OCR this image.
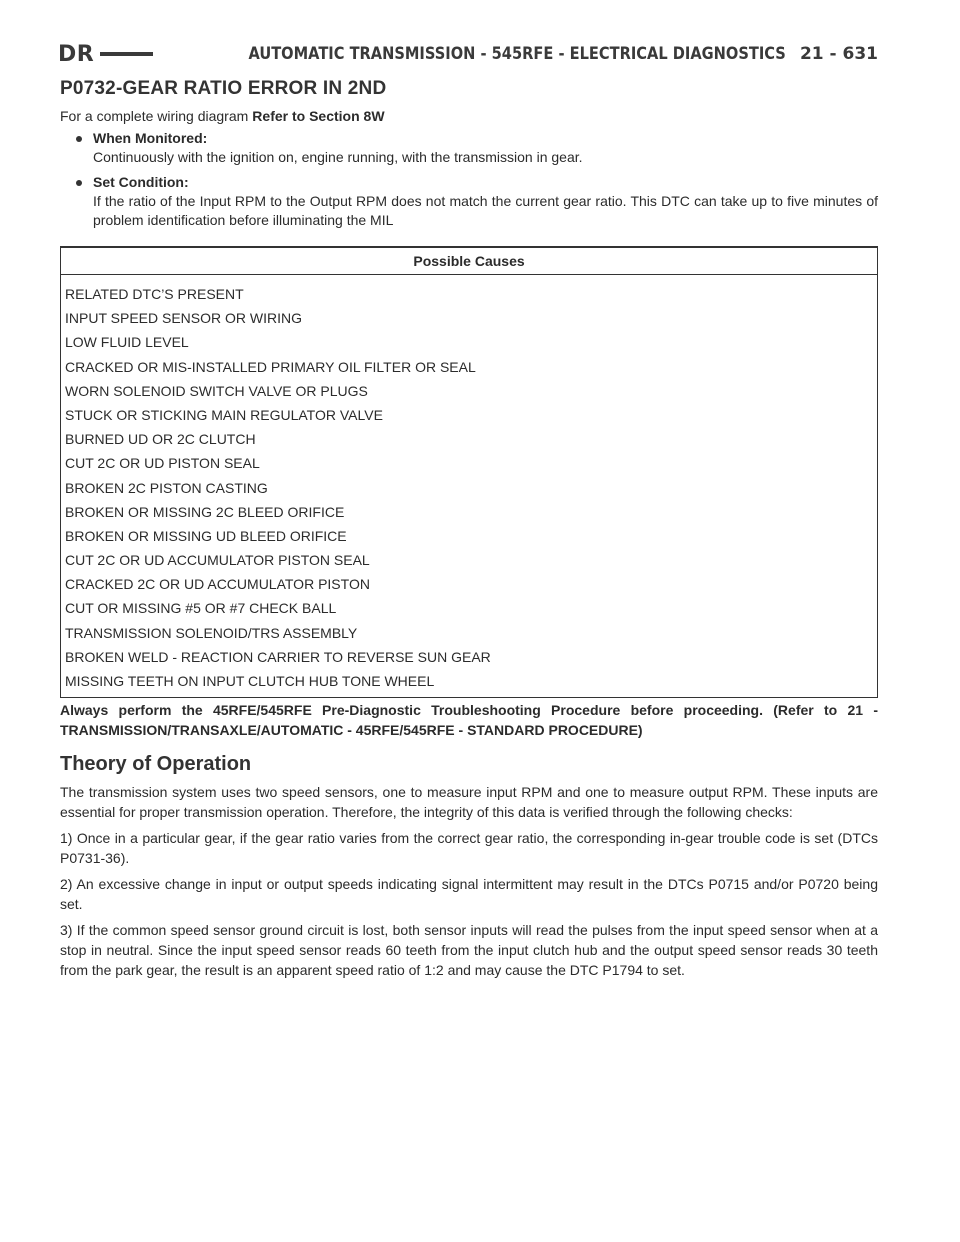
DR	AUTOMATIC TRANSMISSION - 545RFE - ELECTRICAL DIAGNOSTICS 21 - 631
P0732-GEAR RATIO ERROR IN 2ND
For a complete wiring diagram Refer to Section 8W
When Monitored:
Continuously with the ignition on, engine running, with the transmission in gear.
Set Condition:
If the ratio of the Input RPM to the Output RPM does not match the current gear ratio. This DTC can take up to five minutes of problem identification before illuminating the MIL
Possible Causes
RELATED DTC’S PRESENT
INPUT SPEED SENSOR OR WIRING
LOW FLUID LEVEL
CRACKED OR MIS-INSTALLED PRIMARY OIL FILTER OR SEAL
WORN SOLENOID SWITCH VALVE OR PLUGS
STUCK OR STICKING MAIN REGULATOR VALVE
BURNED UD OR 2C CLUTCH
CUT 2C OR UD PISTON SEAL
BROKEN 2C PISTON CASTING
BROKEN OR MISSING 2C BLEED ORIFICE
BROKEN OR MISSING UD BLEED ORIFICE
CUT 2C OR UD ACCUMULATOR PISTON SEAL
CRACKED 2C OR UD ACCUMULATOR PISTON
CUT OR MISSING #5 OR #7 CHECK BALL
TRANSMISSION SOLENOID/TRS ASSEMBLY
BROKEN WELD - REACTION CARRIER TO REVERSE SUN GEAR
MISSING TEETH ON INPUT CLUTCH HUB TONE WHEEL
Always perform the 45RFE/545RFE Pre-Diagnostic Troubleshooting Procedure before proceeding. (Refer to 21 - TRANSMISSION/TRANSAXLE/AUTOMATIC - 45RFE/545RFE - STANDARD PROCEDURE)
Theory of Operation

The transmission system uses two speed sensors, one to measure input RPM and one to measure output RPM. These inputs are essential for proper transmission operation. Therefore, the integrity of this data is verified through the following checks:

1) Once in a particular gear, if the gear ratio varies from the correct gear ratio, the corresponding in-gear trouble code is set (DTCs P0731-36).

2) An excessive change in input or output speeds indicating signal intermittent may result in the DTCs P0715 and/or P0720 being set.

3) If the common speed sensor ground circuit is lost, both sensor inputs will read the pulses from the input speed sensor when at a stop in neutral. Since the input speed sensor reads 60 teeth from the input clutch hub and the output speed sensor reads 30 teeth from the park gear, the result is an apparent speed ratio of 1:2 and may cause the DTC P1794 to set.
